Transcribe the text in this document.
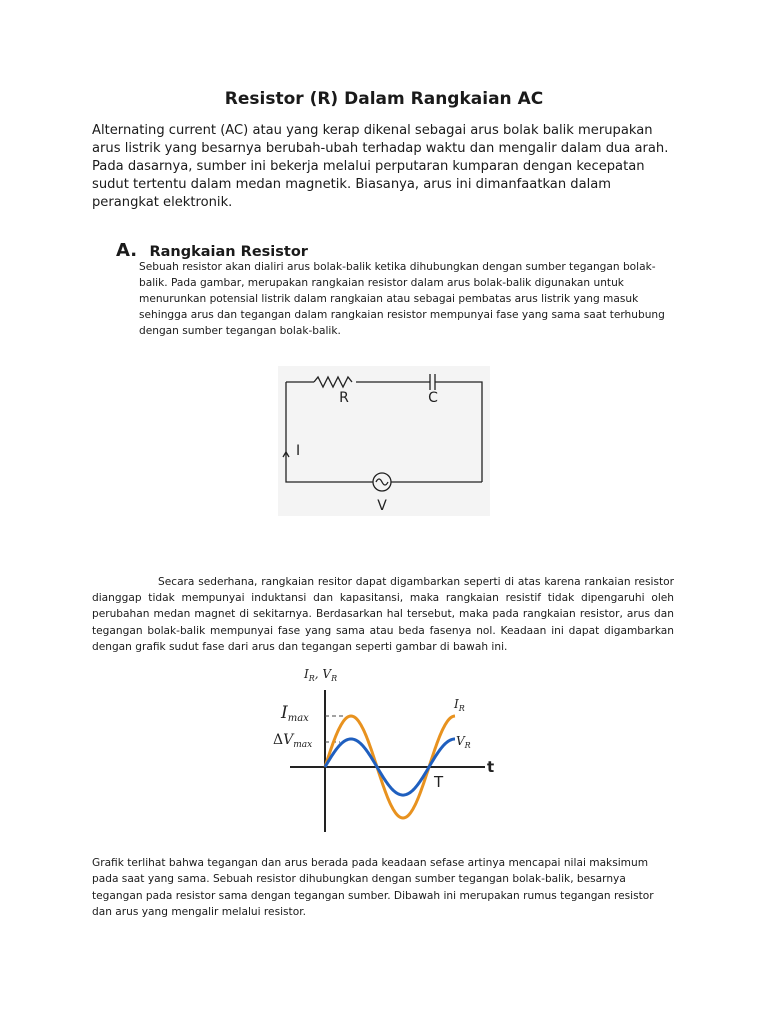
Resistor (R) Dalam Rangkaian AC

Alternating current (AC) atau yang kerap dikenal sebagai arus bolak balik merupakan arus listrik yang besarnya berubah-ubah terhadap waktu dan mengalir dalam dua arah. Pada dasarnya, sumber ini bekerja melalui perputaran kumparan dengan kecepatan sudut tertentu dalam medan magnetik. Biasanya, arus ini dimanfaatkan dalam perangkat elektronik.

A. Rangkaian Resistor

Sebuah resistor akan dialiri arus bolak-balik ketika dihubungkan dengan sumber tegangan bolak- balik. Pada gambar, merupakan rangkaian resistor dalam arus bolak-balik digunakan untuk menurunkan potensial listrik dalam rangkaian atau sebagai pembatas arus listrik yang masuk sehingga arus dan tegangan dalam rangkaian resistor mempunyai fase yang sama saat terhubung dengan sumber tegangan bolak-balik.

R	C
I
V

Secara sederhana, rangkaian resitor dapat digambarkan seperti di atas karena rankaian resistor dianggap tidak mempunyai induktansi dan kapasitansi, maka rangkaian resistif tidak dipengaruhi oleh perubahan medan magnet di sekitarnya. Berdasarkan hal tersebut, maka pada rangkaian resistor, arus dan tegangan bolak-balik mempunyai fase yang sama atau beda fasenya nol. Keadaan ini dapat digambarkan dengan grafik sudut fase dari arus dan tegangan seperti gambar di bawah ini.

$I_R$, $V_R$
t
T
Imax
$\Delta V_{max}$
$I_R$
$V_R$

Grafik terlihat bahwa tegangan dan arus berada pada keadaan sefase artinya mencapai nilai maksimum pada saat yang sama. Sebuah resistor dihubungkan dengan sumber tegangan bolak-balik, besarnya tegangan pada resistor sama dengan tegangan sumber. Dibawah ini merupakan rumus tegangan resistor dan arus yang mengalir melalui resistor.
